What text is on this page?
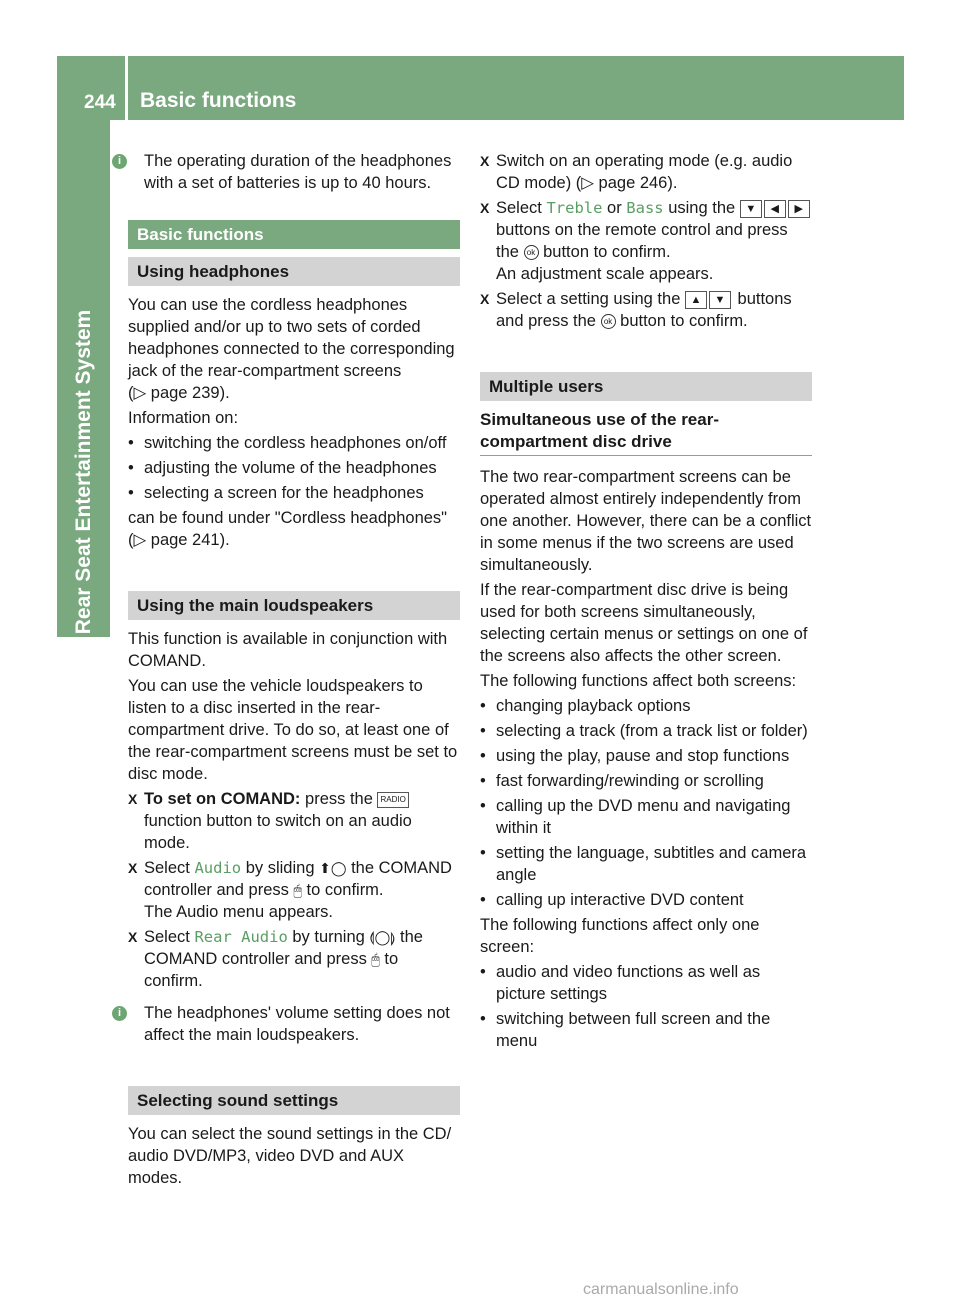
244 Basic functions
Rear Seat Entertainment System
i	The operating duration of the headphones with a set of batteries is up to 40 hours.
Basic functions
Using headphones

You can use the cordless headphones supplied and/or up to two sets of corded headphones connected to the corresponding jack of the rear-compartment screens
(▷ page 239).

Information on:

• switching the cordless headphones on/off
• adjusting the volume of the headphones
• selecting a screen for the headphones

can be found under "Cordless headphones"
(▷ page 241).

Using the main loudspeakers

This function is available in conjunction with COMAND.

You can use the vehicle loudspeakers to listen to a disc inserted in the rear-compartment drive. To do so, at least one of the rear-compartment screens must be set to disc mode.

X To set on COMAND: press the RADIO function button to switch on an audio mode.
X Select Audio by sliding ⬆◯ the COMAND controller and press 🖱 to confirm.
The Audio menu appears.
X Select Rear Audio by turning ⟬◯⟭ the COMAND controller and press 🖱 to confirm.
i	The headphones' volume setting does not affect the main loudspeakers.
Selecting sound settings

You can select the sound settings in the CD/ audio DVD/MP3, video DVD and AUX modes.

X Switch on an operating mode (e.g. audio CD mode) (▷ page 246).
X Select Treble or Bass using the ▼ ◀ ▶ buttons on the remote control and press the ok button to confirm.
An adjustment scale appears.
X Select a setting using the ▲ ▼ buttons and press the ok button to confirm.
Multiple users
Simultaneous use of the rear-compartment disc drive

The two rear-compartment screens can be operated almost entirely independently from one another. However, there can be a conflict in some menus if the two screens are used simultaneously.

If the rear-compartment disc drive is being used for both screens simultaneously, selecting certain menus or settings on one of the screens also affects the other screen.

The following functions affect both screens:

• changing playback options
• selecting a track (from a track list or folder)
• using the play, pause and stop functions
• fast forwarding/rewinding or scrolling
• calling up the DVD menu and navigating within it
• setting the language, subtitles and camera angle
• calling up interactive DVD content

The following functions affect only one screen:

• audio and video functions as well as picture settings
• switching between full screen and the menu
carmanualsonline.info
